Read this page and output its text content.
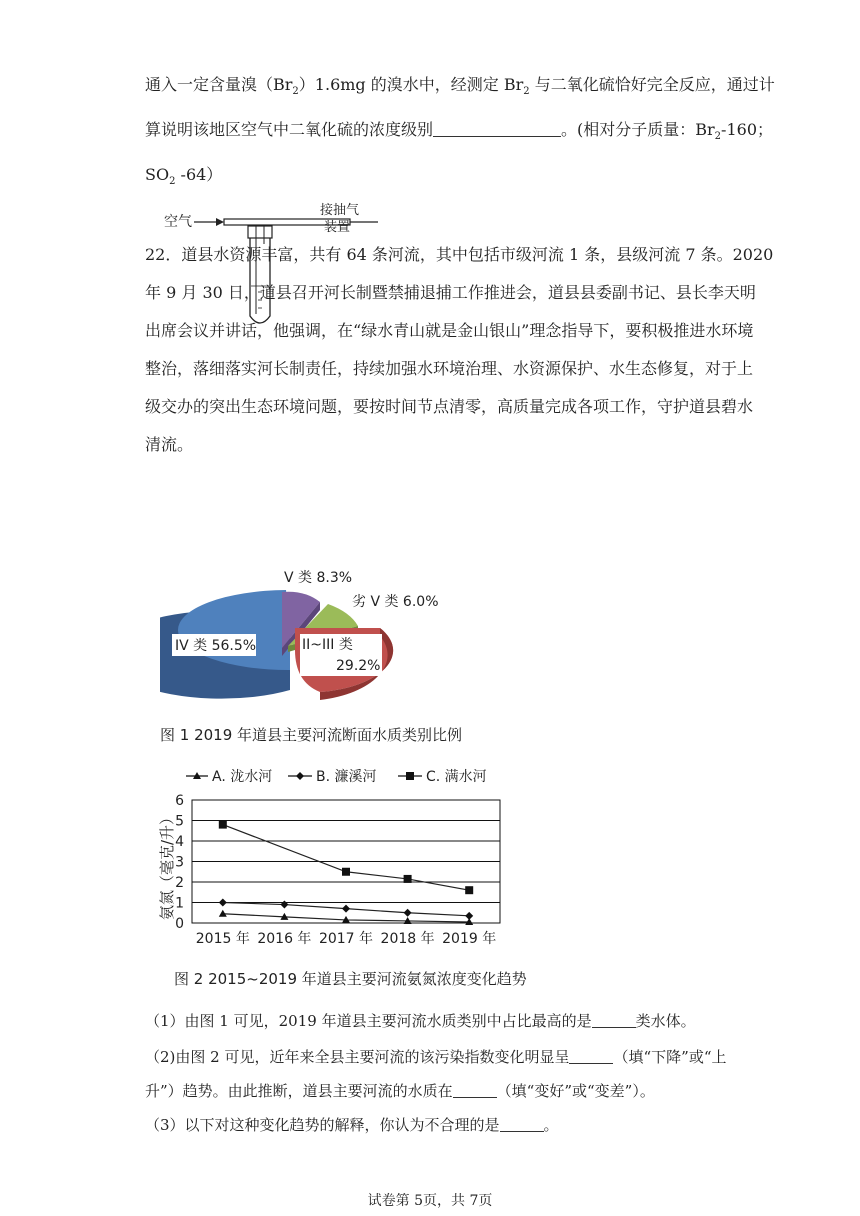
通入一定含量溴$(Br_2)1.6mg$ 的溴水中，经测定 $Br_2$ 与二氧化硫恰好完全反应，通过计
算说明该地区空气中二氧化硫的浓度级别	。(相对分子质量：$Br_2-160$；
$SO_2$ -64）
空气
接抽气
装置
22．道县水资源丰富，共有 64 条河流，其中包括市级河流 1 条，县级河流 7 条。2020
年 9 月 30 日，道县召开河长制暨禁捕退捕工作推进会，道县县委副书记、县长李天明
出席会议并讲话，他强调，在“绿水青山就是金山银山”理念指导下，要积极推进水环境
整治，落细落实河长制责任，持续加强水环境治理、水资源保护、水生态修复，对于上
级交办的突出生态环境问题，要按时间节点清零，高质量完成各项工作，守护道县碧水
清流。
IV 类 56.5%
V 类 8.3%
劣 V 类 6.0%
II~III 类
29.2%
图 1 2019 年道县主要河流断面水质类别比例
A. 泷水河	B. 濂溪河	C. 满水河
氨氮（毫克/升）
0
1
2
3
4
5
6
2015 年 2016 年 2017 年 2018 年 2019 年
图 2 2015~2019 年道县主要河流氨氮浓度变化趋势
（1）由图 1 可见，2019 年道县主要河流水质类别中占比最高的是	类水体。
（2)由图 2 可见，近年来全县主要河流的该污染指数变化明显呈	（填“下降”或“上
升”）趋势。由此推断，道县主要河流的水质在	（填“变好”或“变差”）。
（3）以下对这种变化趋势的解释，你认为不合理的是	。
试卷第 5页，共 7页
